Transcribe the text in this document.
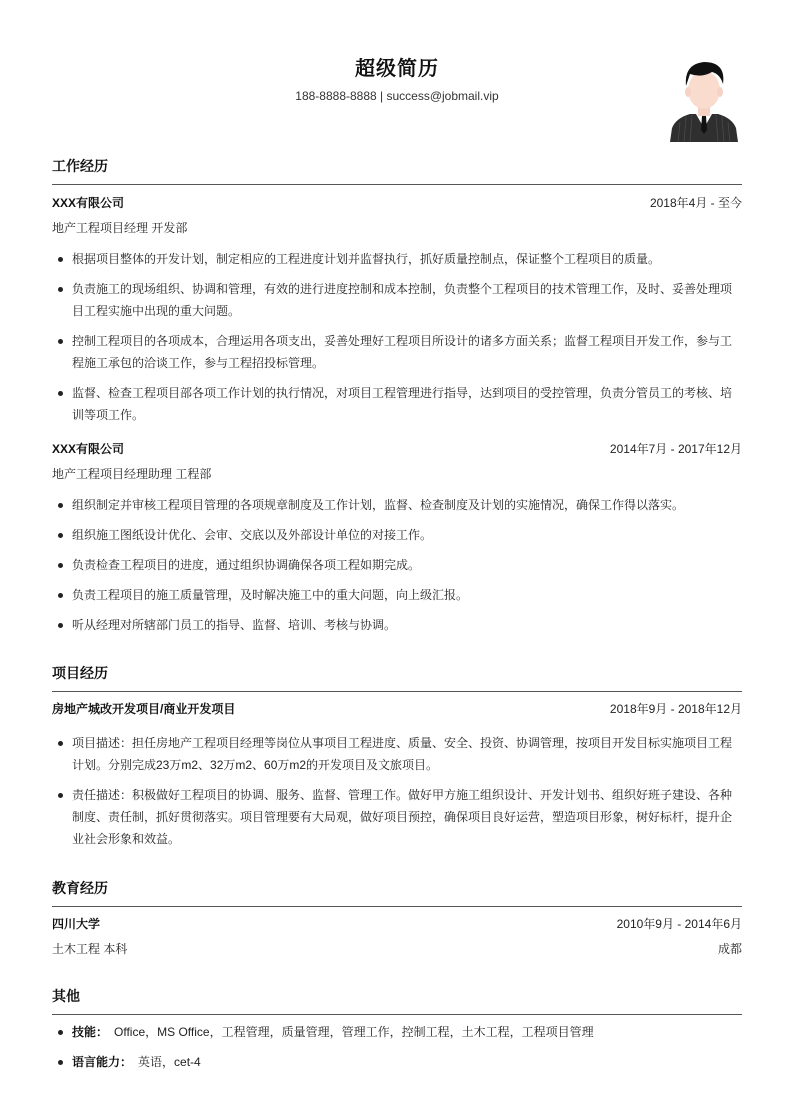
超级简历
188-8888-8888 | success@jobmail.vip
工作经历
XXX有限公司	2018年4月 - 至今
地产工程项目经理 开发部
根据项目整体的开发计划，制定相应的工程进度计划并监督执行，抓好质量控制点，保证整个工程项目的质量。
负责施工的现场组织、协调和管理，有效的进行进度控制和成本控制，负责整个工程项目的技术管理工作，及时、妥善处理项目工程实施中出现的重大问题。
控制工程项目的各项成本，合理运用各项支出，妥善处理好工程项目所设计的诸多方面关系；监督工程项目开发工作，参与工程施工承包的洽谈工作，参与工程招投标管理。
监督、检查工程项目部各项工作计划的执行情况，对项目工程管理进行指导，达到项目的受控管理，负责分管员工的考核、培训等项工作。
XXX有限公司	2014年7月 - 2017年12月
地产工程项目经理助理 工程部
组织制定并审核工程项目管理的各项规章制度及工作计划，监督、检查制度及计划的实施情况，确保工作得以落实。
组织施工图纸设计优化、会审、交底以及外部设计单位的对接工作。
负责检查工程项目的进度，通过组织协调确保各项工程如期完成。
负责工程项目的施工质量管理，及时解决施工中的重大问题，向上级汇报。
听从经理对所辖部门员工的指导、监督、培训、考核与协调。
项目经历
房地产城改开发项目/商业开发项目	2018年9月 - 2018年12月
项目描述：担任房地产工程项目经理等岗位从事项目工程进度、质量、安全、投资、协调管理，按项目开发目标实施项目工程计划。分别完成23万m2、32万m2、60万m2的开发项目及文旅项目。
责任描述：积极做好工程项目的协调、服务、监督、管理工作。做好甲方施工组织设计、开发计划书、组织好班子建设、各种制度、责任制，抓好贯彻落实。项目管理要有大局观，做好项目预控，确保项目良好运营，塑造项目形象，树好标杆，提升企业社会形象和效益。
教育经历
四川大学	2010年9月 - 2014年6月
土木工程 本科	成都
其他
技能： Office，MS Office，工程管理，质量管理，管理工作，控制工程，土木工程，工程项目管理
语言能力： 英语，cet-4
